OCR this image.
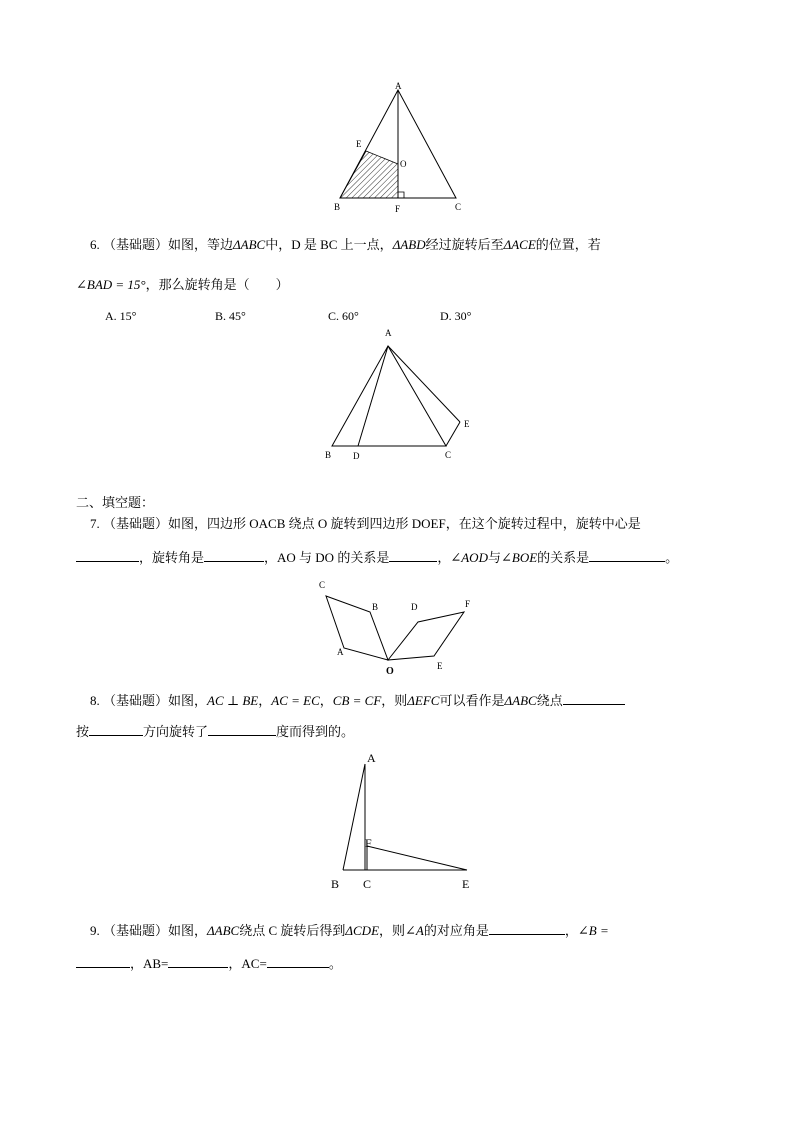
A
E
O
B	F	C
6. （基础题）如图，等边ΔABC中，D 是 BC 上一点，ΔABD经过旋转后至ΔACE的位置，若
∠BAD = 15°，那么旋转角是（　　）
A. 15°	B. 45°	C. 60°	D. 30°
A
B D	C
E
二、填空题：
7. （基础题）如图，四边形 OACB 绕点 O 旋转到四边形 DOEF，在这个旋转过程中，旋转中心是
，旋转角是	，AO 与 DO 的关系是	，∠AOD与∠BOE的关系是	。
C
B	D	F
A
O	E
8. （基础题）如图，AC ⊥ BE，AC = EC，CB = CF，则ΔEFC可以看作是ΔABC绕点
按	方向旋转了	度而得到的。
A
F
B C	E
9. （基础题）如图，ΔABC绕点 C 旋转后得到ΔCDE，则∠A的对应角是	，∠B =
，AB=	，AC=	。
